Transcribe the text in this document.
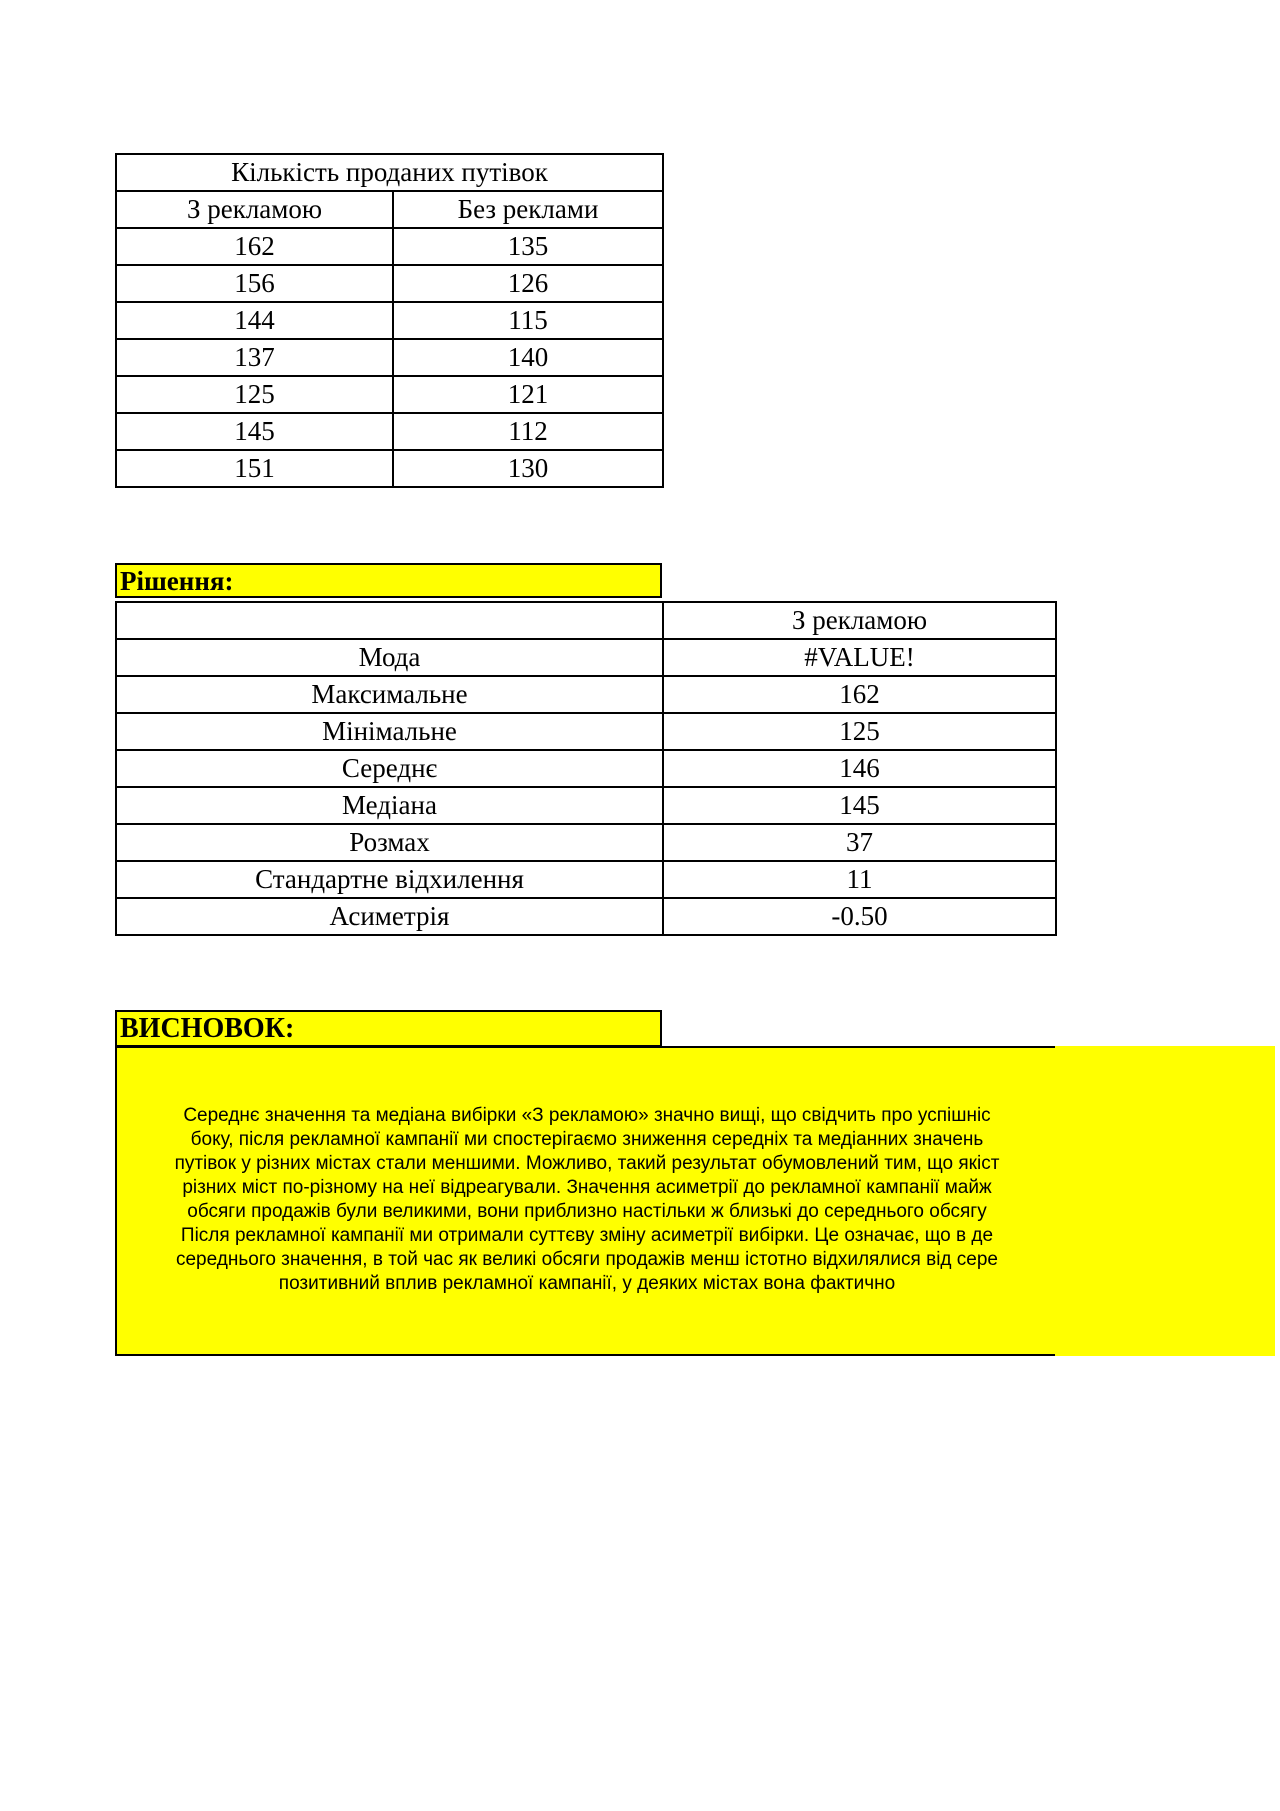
Кількість проданих путівок	
З рекламою	Без реклами
162	135
156	126
144	115
137	140
125	121
145	112
151	130
Рішення:
	З рекламою
Мода	#VALUE!
Максимальне	162
Мінімальне	125
Середнє	146
Медіана	145
Розмах	37
Стандартне відхилення	11
Асиметрія	-0.50
ВИСНОВОК:
Середнє значення та медіана вибірки «З рекламою» значно вищі, що свідчить про успішніс
боку, після рекламної кампанії ми спостерігаємо зниження середніх та медіанних значень
путівок у різних містах стали меншими. Можливо, такий результат обумовлений тим, що якіст
різних міст по-різному на неї відреагували. Значення асиметрії до рекламної кампанії майж
обсяги продажів були великими, вони приблизно настільки ж близькі до середнього обсягу
Після рекламної кампанії ми отримали суттєву зміну асиметрії вибірки. Це означає, що в де
середнього значення, в той час як великі обсяги продажів менш істотно відхилялися від сере
позитивний вплив рекламної кампанії, у деяких містах вона фактично
